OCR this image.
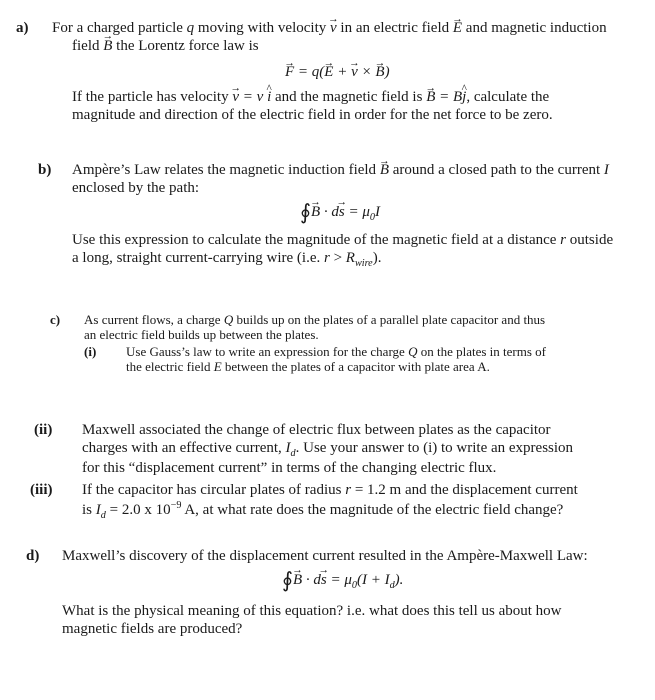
a) For a charged particle q moving with velocity → v in an electric field → E and magnetic induction
field → B the Lorentz force law is
→ F = q(→ E + → v × → B)
If the particle has velocity → v = v ^ i and the magnetic field is → B = B^ j, calculate the
magnitude and direction of the electric field in order for the net force to be zero.
b) Ampère’s Law relates the magnetic induction field → B around a closed path to the current I
enclosed by the path:
∮→ $B \cdot d\to s = \mu_0I$
Use this expression to calculate the magnitude of the magnetic field at a distance r outside
a long, straight current-carrying wire (i.e. $r > R_{wire}$).
c) As current flows, a charge Q builds up on the plates of a parallel plate capacitor and thus
an electric field builds up between the plates.
(i) Use Gauss’s law to write an expression for the charge Q on the plates in terms of
the electric field E between the plates of a capacitor with plate area A.
(ii) Maxwell associated the change of electric flux between plates as the capacitor
charges with an effective current, $I_d$. Use your answer to (i) to write an expression
for this “displacement current” in terms of the changing electric flux.
(iii) If the capacitor has circular plates of radius r = 1.2 m and the displacement current
is $I_d = 2.0$ x $10^{-9}$ A, at what rate does the magnitude of the electric field change?
d) Maxwell’s discovery of the displacement current resulted in the Ampère-Maxwell Law:
∮→ $B \cdot d\to s = \mu_0(I + I_d)$.
What is the physical meaning of this equation? i.e. what does this tell us about how
magnetic fields are produced?
